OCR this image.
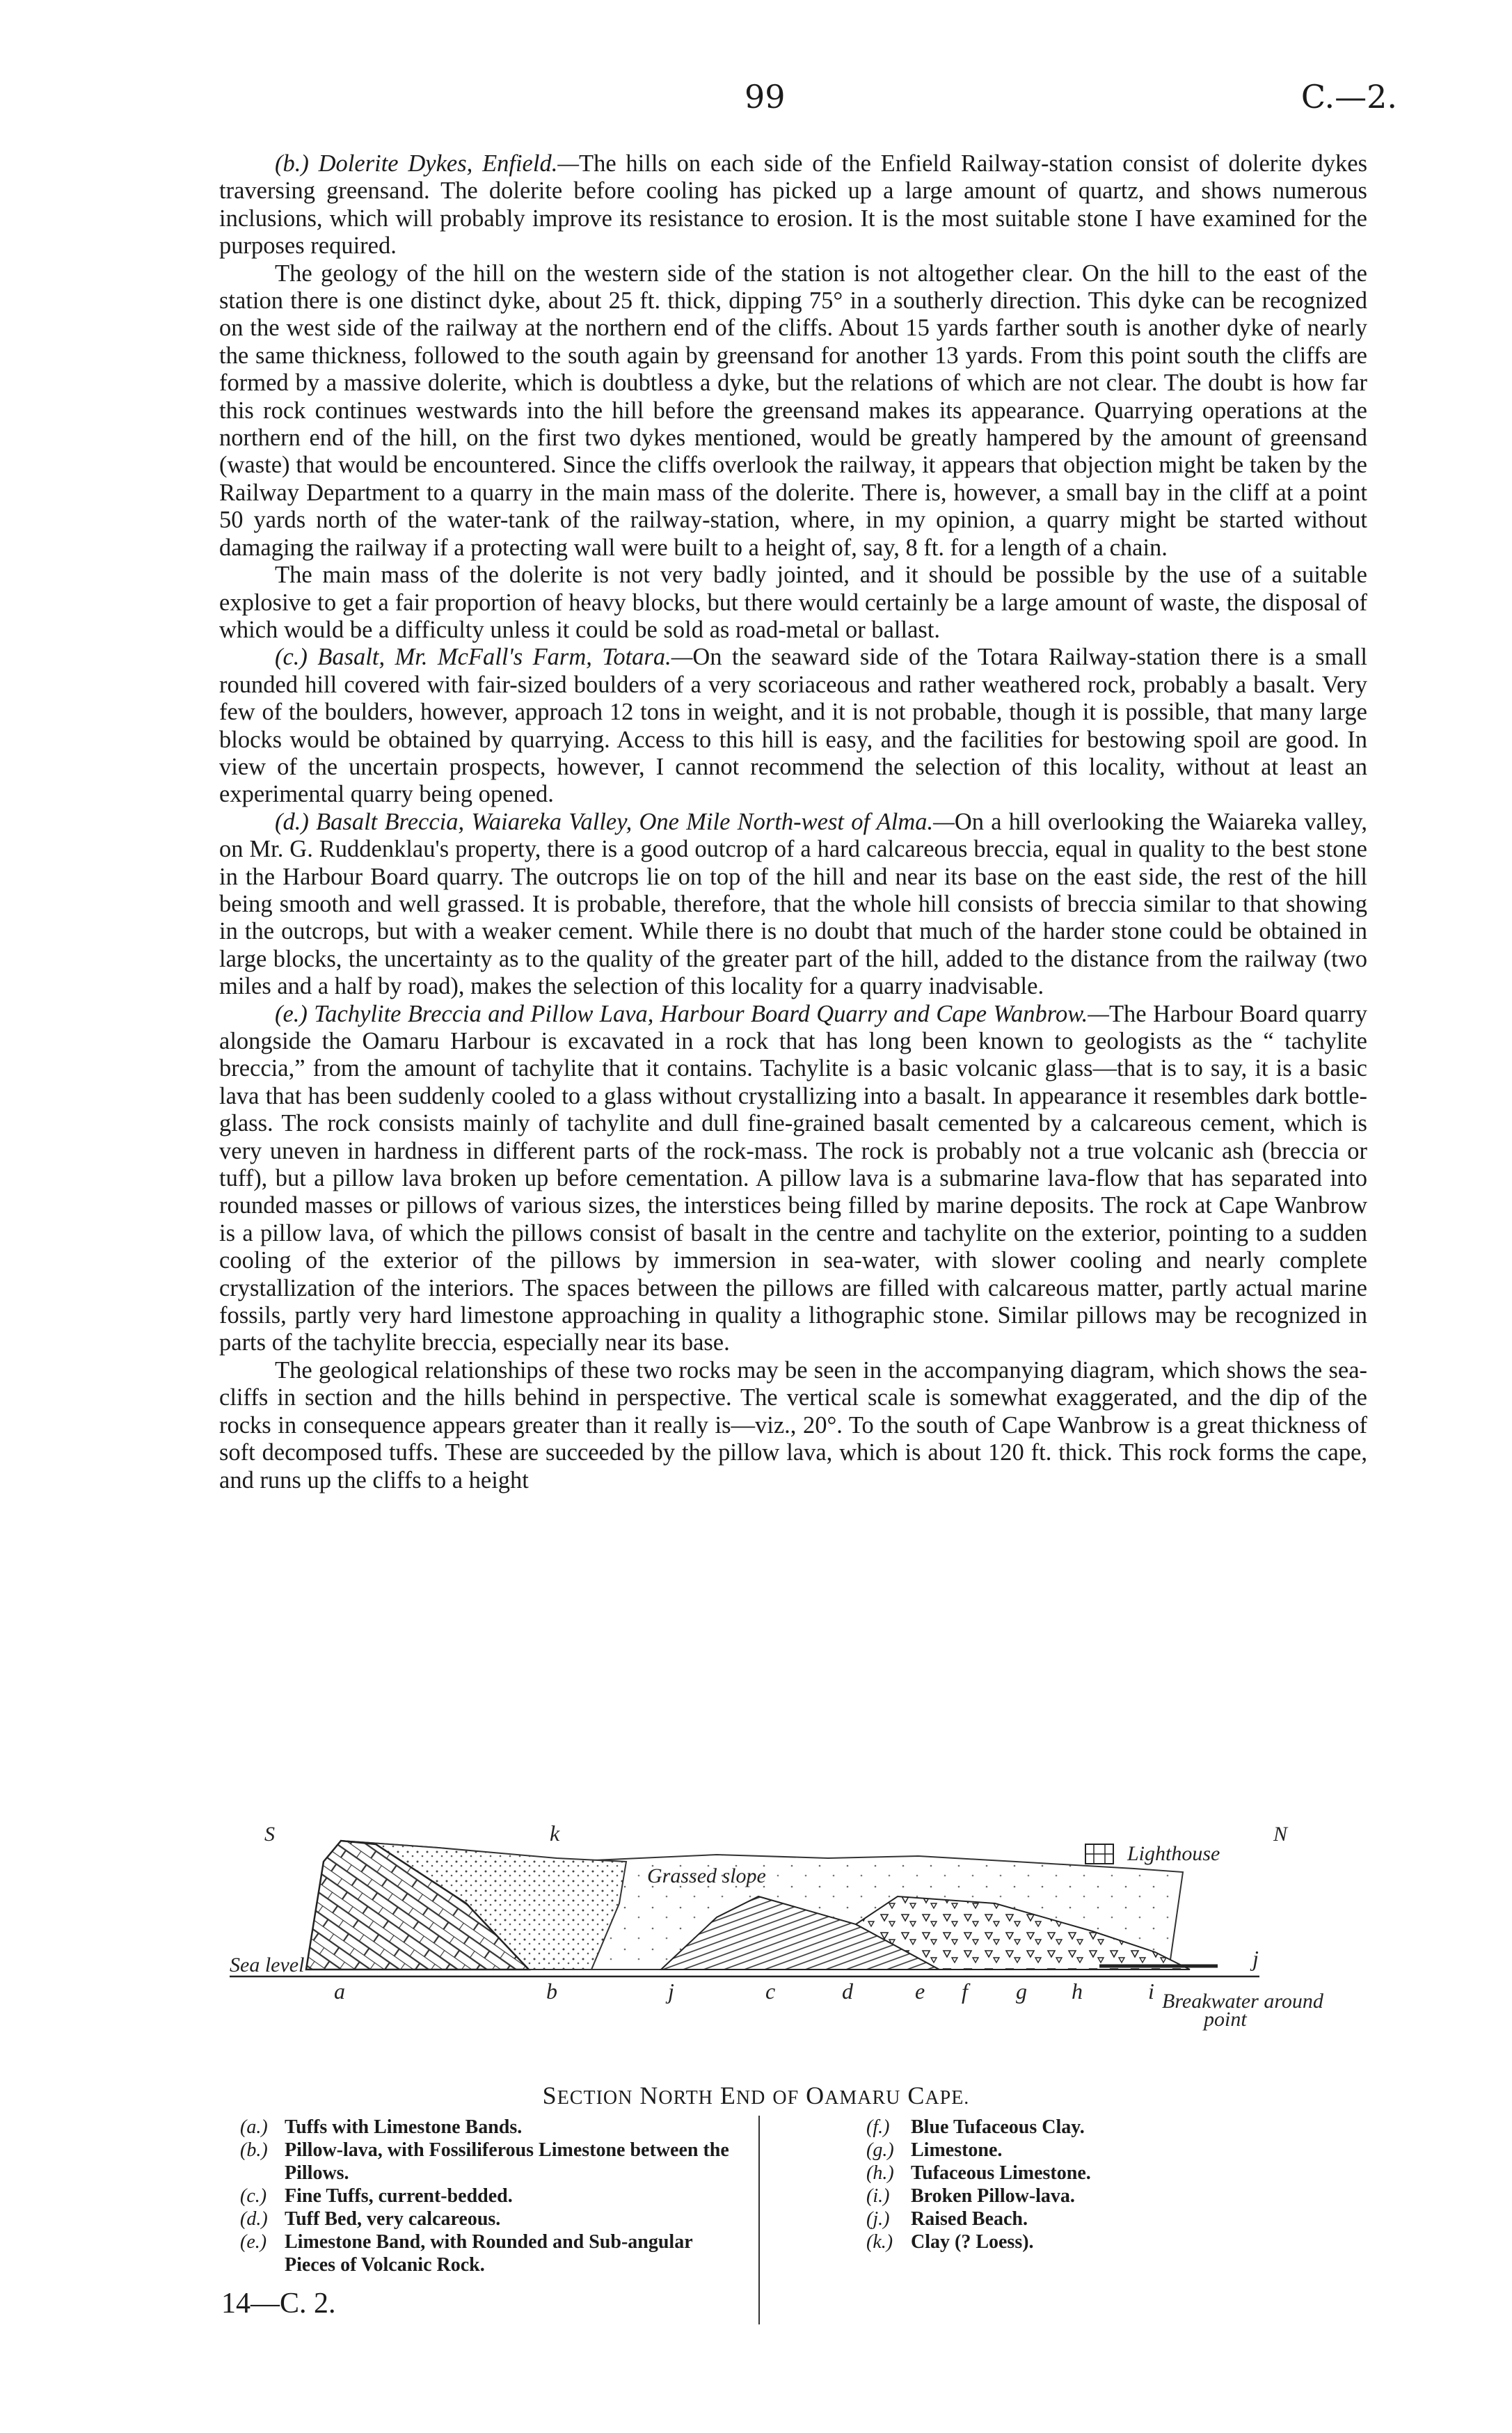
99	C.—2.

(b.) Dolerite Dykes, Enfield.—The hills on each side of the Enfield Railway-station consist of dolerite dykes traversing greensand. The dolerite before cooling has picked up a large amount of quartz, and shows numerous inclusions, which will probably improve its resistance to erosion. It is the most suitable stone I have examined for the purposes required.

The geology of the hill on the western side of the station is not altogether clear. On the hill to the east of the station there is one distinct dyke, about 25 ft. thick, dipping 75° in a southerly direction. This dyke can be recognized on the west side of the railway at the northern end of the cliffs. About 15 yards farther south is another dyke of nearly the same thickness, followed to the south again by greensand for another 13 yards. From this point south the cliffs are formed by a massive dolerite, which is doubtless a dyke, but the relations of which are not clear. The doubt is how far this rock continues westwards into the hill before the greensand makes its appearance. Quarrying operations at the northern end of the hill, on the first two dykes mentioned, would be greatly hampered by the amount of greensand (waste) that would be encountered. Since the cliffs overlook the railway, it appears that objection might be taken by the Railway Department to a quarry in the main mass of the dolerite. There is, however, a small bay in the cliff at a point 50 yards north of the water-tank of the railway-station, where, in my opinion, a quarry might be started without damaging the railway if a protecting wall were built to a height of, say, 8 ft. for a length of a chain.

The main mass of the dolerite is not very badly jointed, and it should be possible by the use of a suitable explosive to get a fair proportion of heavy blocks, but there would certainly be a large amount of waste, the disposal of which would be a difficulty unless it could be sold as road-metal or ballast.

(c.) Basalt, Mr. McFall's Farm, Totara.—On the seaward side of the Totara Railway-station there is a small rounded hill covered with fair-sized boulders of a very scoriaceous and rather weathered rock, probably a basalt. Very few of the boulders, however, approach 12 tons in weight, and it is not probable, though it is possible, that many large blocks would be obtained by quarrying. Access to this hill is easy, and the facilities for bestowing spoil are good. In view of the uncertain prospects, however, I cannot recommend the selection of this locality, without at least an experimental quarry being opened.

(d.) Basalt Breccia, Waiareka Valley, One Mile North-west of Alma.—On a hill overlooking the Waiareka valley, on Mr. G. Ruddenklau's property, there is a good outcrop of a hard calcareous breccia, equal in quality to the best stone in the Harbour Board quarry. The outcrops lie on top of the hill and near its base on the east side, the rest of the hill being smooth and well grassed. It is probable, therefore, that the whole hill consists of breccia similar to that showing in the outcrops, but with a weaker cement. While there is no doubt that much of the harder stone could be obtained in large blocks, the uncertainty as to the quality of the greater part of the hill, added to the distance from the railway (two miles and a half by road), makes the selection of this locality for a quarry inadvisable.

(e.) Tachylite Breccia and Pillow Lava, Harbour Board Quarry and Cape Wanbrow.—The Harbour Board quarry alongside the Oamaru Harbour is excavated in a rock that has long been known to geologists as the “ tachylite breccia,” from the amount of tachylite that it contains. Tachylite is a basic volcanic glass—that is to say, it is a basic lava that has been suddenly cooled to a glass without crystallizing into a basalt. In appearance it resembles dark bottle-glass. The rock consists mainly of tachylite and dull fine-grained basalt cemented by a calcareous cement, which is very uneven in hardness in different parts of the rock-mass. The rock is probably not a true volcanic ash (breccia or tuff), but a pillow lava broken up before cementation. A pillow lava is a submarine lava-flow that has separated into rounded masses or pillows of various sizes, the interstices being filled by marine deposits. The rock at Cape Wanbrow is a pillow lava, of which the pillows consist of basalt in the centre and tachylite on the exterior, pointing to a sudden cooling of the exterior of the pillows by immersion in sea-water, with slower cooling and nearly complete crystallization of the interiors. The spaces between the pillows are filled with calcareous matter, partly actual marine fossils, partly very hard limestone approaching in quality a lithographic stone. Similar pillows may be recognized in parts of the tachylite breccia, especially near its base.

The geological relationships of these two rocks may be seen in the accompanying diagram, which shows the sea-cliffs in section and the hills behind in perspective. The vertical scale is somewhat exaggerated, and the dip of the rocks in consequence appears greater than it really is—viz., 20°. To the south of Cape Wanbrow is a great thickness of soft decomposed tuffs. These are succeeded by the pillow lava, which is about 120 ft. thick. This rock forms the cape, and runs up the cliffs to a height

S	N
Sea level
Grassed slope
Lighthouse
Breakwater around
point
k
j
a	b	j	c	d	e f g h	i
SECTION NORTH END OF OAMARU CAPE.
(a.) Tuffs with Limestone Bands.
(b.) Pillow-lava, with Fossiliferous Limestone between the Pillows.
(c.) Fine Tuffs, current-bedded.
(d.) Tuff Bed, very calcareous.
(e.) Limestone Band, with Rounded and Sub-angular Pieces of Volcanic Rock.
(f.) Blue Tufaceous Clay.
(g.) Limestone.
(h.) Tufaceous Limestone.
(i.) Broken Pillow-lava.
(j.) Raised Beach.
(k.) Clay (? Loess).
14—C. 2.
